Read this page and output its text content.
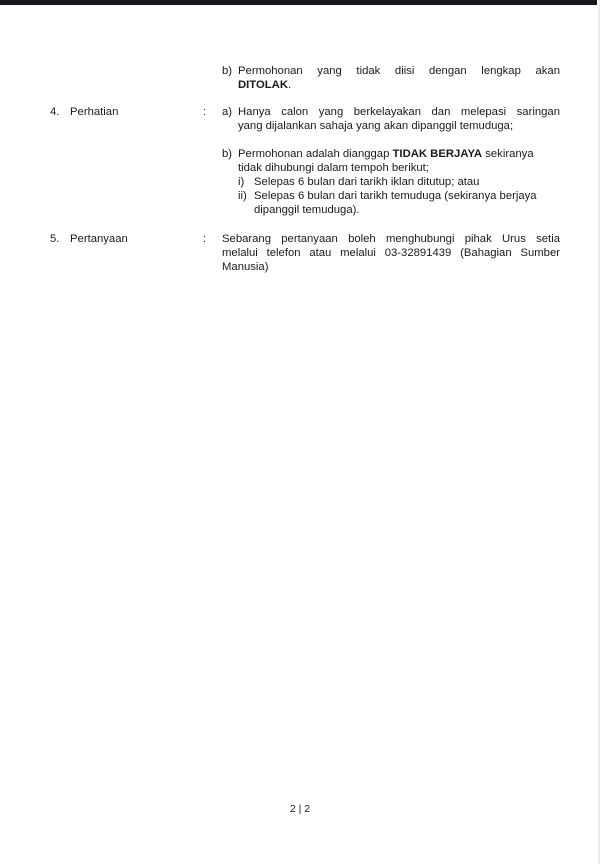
b) Permohonan yang tidak diisi dengan lengkap akan
DITOLAK.
4. Perhatian	: a) Hanya calon yang berkelayakan dan melepasi saringan
yang dijalankan sahaja yang akan dipanggil temuduga;
b) Permohonan adalah dianggap TIDAK BERJAYA sekiranya
tidak dihubungi dalam tempoh berikut;
i) Selepas 6 bulan dari tarikh iklan ditutup; atau
ii) Selepas 6 bulan dari tarikh temuduga (sekiranya berjaya
dipanggil temuduga).
5. Pertanyaan	: Sebarang pertanyaan boleh menghubungi pihak Urus setia
melalui telefon atau melalui 03-32891439 (Bahagian Sumber
Manusia)
2 | 2
